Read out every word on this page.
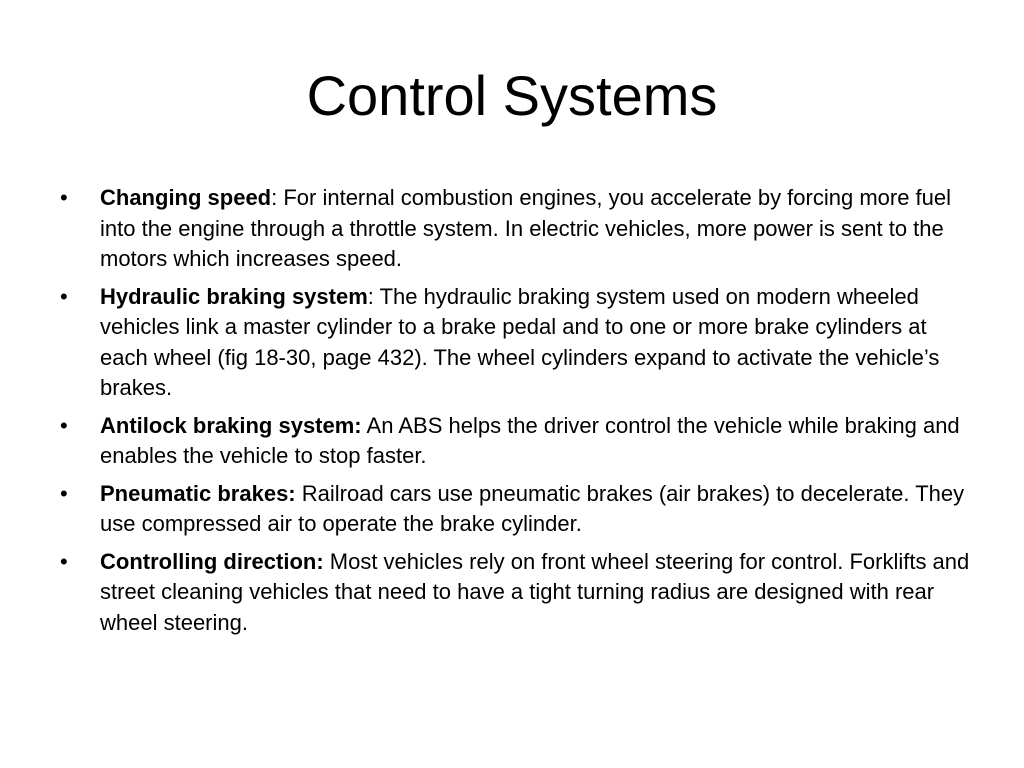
Control Systems
•	Changing speed: For internal combustion engines, you accelerate by forcing more fuel into the engine through a throttle system. In electric vehicles, more power is sent to the motors which increases speed.
•	Hydraulic braking system: The hydraulic braking system used on modern wheeled vehicles link a master cylinder to a brake pedal and to one or more brake cylinders at each wheel (fig 18-30, page 432). The wheel cylinders expand to activate the vehicle’s brakes.
•	Antilock braking system: An ABS helps the driver control the vehicle while braking and enables the vehicle to stop faster.
•	Pneumatic brakes: Railroad cars use pneumatic brakes (air brakes) to decelerate. They use compressed air to operate the brake cylinder.
•	Controlling direction: Most vehicles rely on front wheel steering for control. Forklifts and street cleaning vehicles that need to have a tight turning radius are designed with rear wheel steering.
